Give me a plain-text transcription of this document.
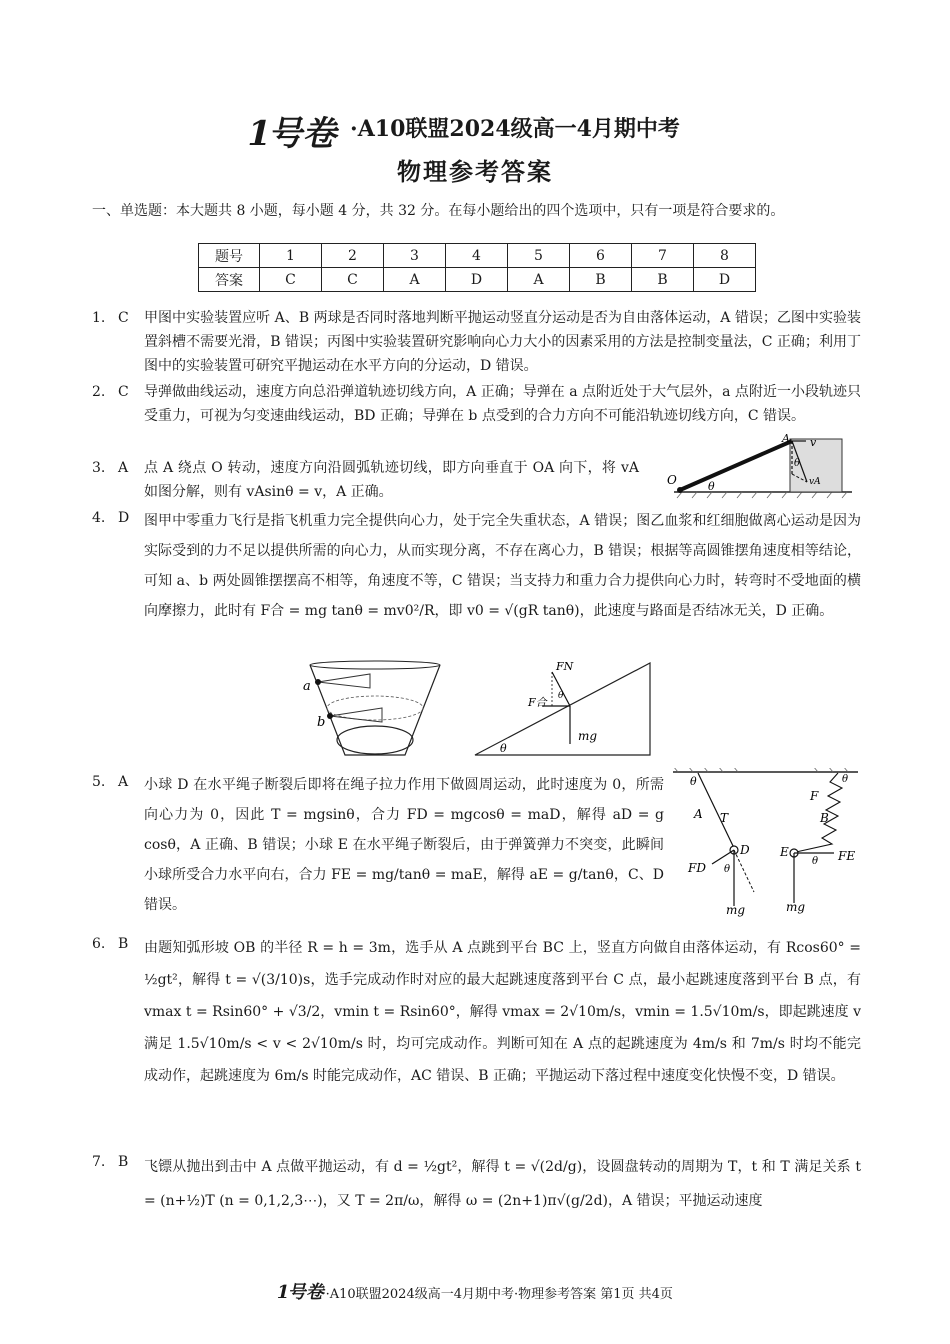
1号卷 ·A10联盟2024级高一4月期中考
物理参考答案
一、单选题：本大题共 8 小题，每小题 4 分，共 32 分。在每小题给出的四个选项中，只有一项是符合要求的。
题号	1	2	3	4	5	6	7	8
答案	C	C	A	D	A	B	B	D
1. C	甲图中实验装置应听 A、B 两球是否同时落地判断平抛运动竖直分运动是否为自由落体运动，A 错误；乙图中实验装置斜槽不需要光滑，B 错误；丙图中实验装置研究影响向心力大小的因素采用的方法是控制变量法，C 正确；利用丁图中的实验装置可研究平抛运动在水平方向的分运动，D 错误。
2. C	导弹做曲线运动，速度方向总沿弹道轨迹切线方向，A 正确；导弹在 a 点附近处于大气层外，a 点附近一小段轨迹只受重力，可视为匀变速曲线运动，BD 正确；导弹在 b 点受到的合力方向不可能沿轨迹切线方向，C 错误。
3. A	点 A 绕点 O 转动，速度方向沿圆弧轨迹切线，即方向垂直于 OA 向下，将 vA 如图分解，则有 vAsinθ = v，A 正确。
A v
vA
θ
O	θ
4. D	图甲中零重力飞行是指飞机重力完全提供向心力，处于完全失重状态，A 错误；图乙血浆和红细胞做离心运动是因为实际受到的力不足以提供所需的向心力，从而实现分离，不存在离心力，B 错误；根据等高圆锥摆角速度相等结论，可知 a、b 两处圆锥摆摆高不相等，角速度不等，C 错误；当支持力和重力合力提供向心力时，转弯时不受地面的横向摩擦力，此时有 F合 = mg tanθ = mv0²/R，即 v0 = √(gR tanθ)，此速度与路面是否结冰无关，D 正确。
a
b
θ
FN
F合
mg
θ
5. A	小球 D 在水平绳子断裂后即将在绳子拉力作用下做圆周运动，此时速度为 0，所需向心力为 0，因此 T = mgsinθ，合力 FD = mgcosθ = maD，解得 aD = g cosθ，A 正确、B 错误；小球 E 在水平绳子断裂后，由于弹簧弹力不突变，此瞬间小球所受合力水平向右，合力 FE = mg/tanθ = maE，解得 aE = g/tanθ，C、D 错误。
θ
A T
D
FD θ
mg
θ
F
B
E	FE
θ
mg
6. B	由题知弧形坡 OB 的半径 R = h = 3m，选手从 A 点跳到平台 BC 上，竖直方向做自由落体运动，有 Rcos60° = ½gt²，解得 t = √(3/10)s，选手完成动作时对应的最大起跳速度落到平台 C 点，最小起跳速度落到平台 B 点，有 vmax t = Rsin60° + √3/2，vmin t = Rsin60°，解得 vmax = 2√10m/s，vmin = 1.5√10m/s，即起跳速度 v 满足 1.5√10m/s < v < 2√10m/s 时，均可完成动作。判断可知在 A 点的起跳速度为 4m/s 和 7m/s 时均不能完成动作，起跳速度为 6m/s 时能完成动作，AC 错误、B 正确；平抛运动下落过程中速度变化快慢不变，D 错误。
7. B	飞镖从抛出到击中 A 点做平抛运动，有 d = ½gt²，解得 t = √(2d/g)，设圆盘转动的周期为 T，t 和 T 满足关系 t = (n+½)T (n = 0,1,2,3⋯)，又 T = 2π/ω，解得 ω = (2n+1)π√(g/2d)，A 错误；平抛运动速度
1号卷·A10联盟2024级高一4月期中考·物理参考答案 第1页 共4页
